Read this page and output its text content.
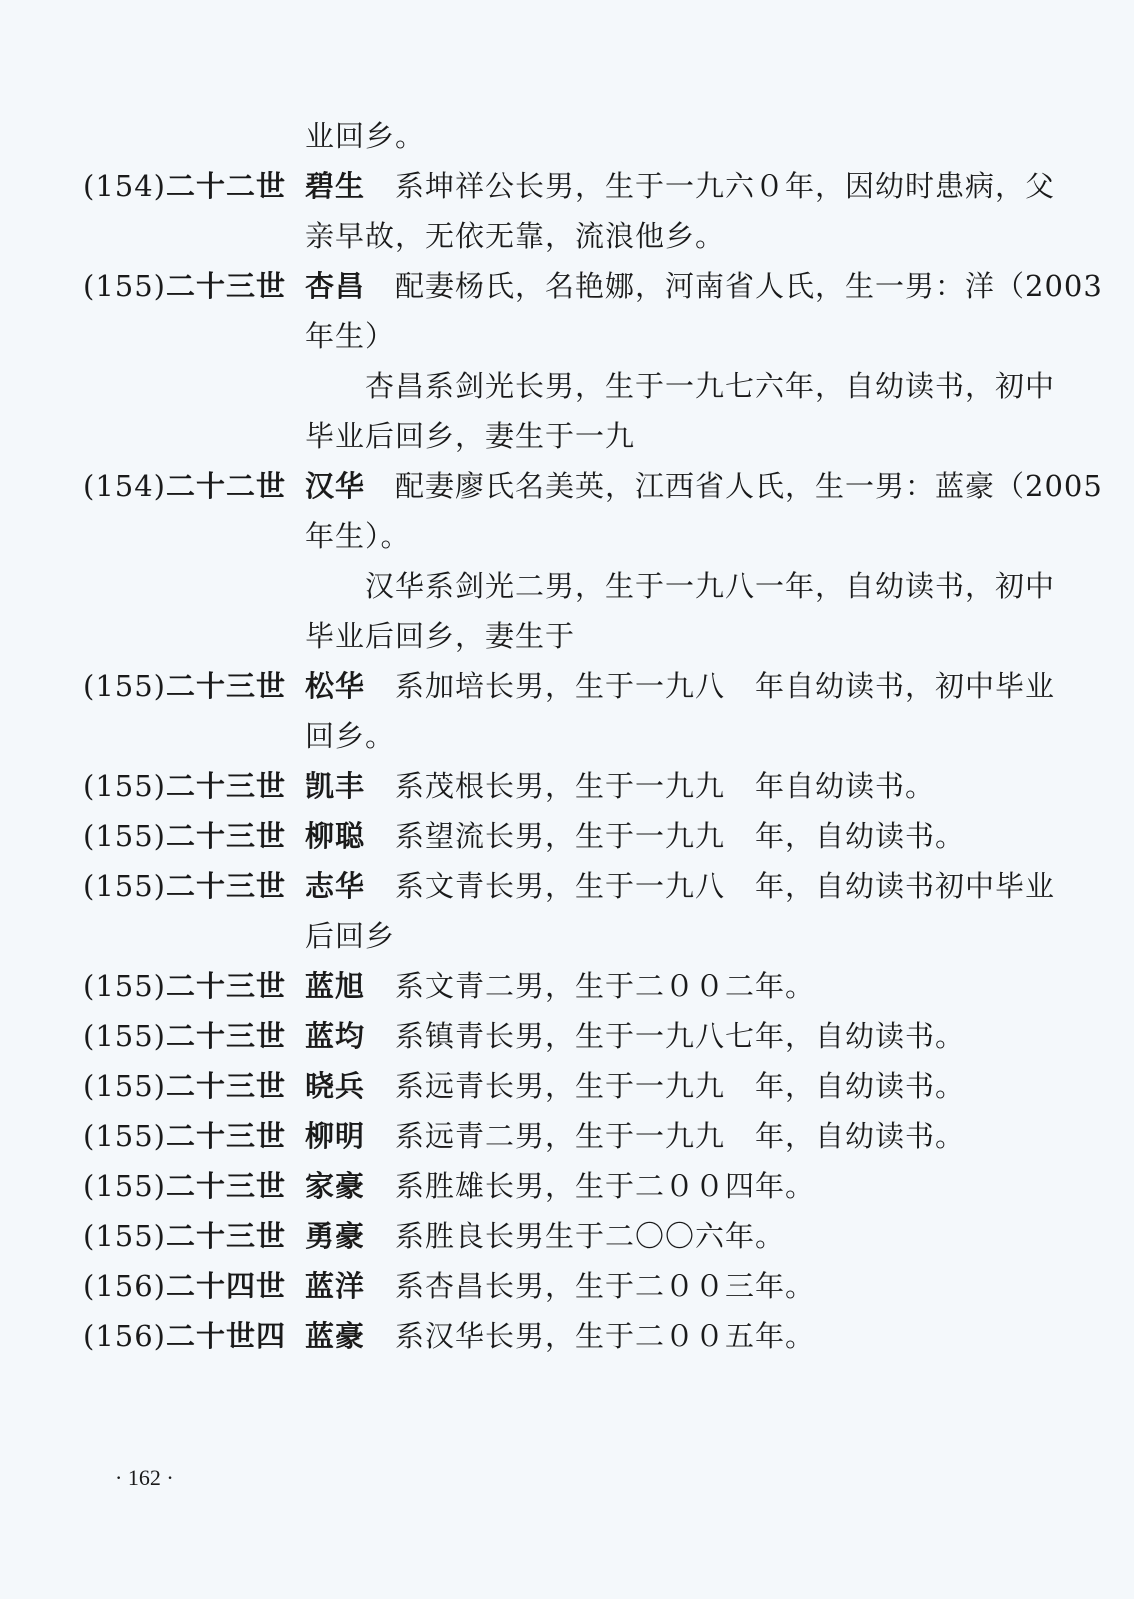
业回乡。
(154)二十二世 碧生 系坤祥公长男，生于一九六０年，因幼时患病，父
亲早故，无依无靠，流浪他乡。
(155)二十三世 杏昌 配妻杨氏，名艳娜，河南省人氏，生一男：洋（2003
年生）
杏昌系剑光长男，生于一九七六年，自幼读书，初中
毕业后回乡，妻生于一九
(154)二十二世 汉华 配妻廖氏名美英，江西省人氏，生一男：蓝豪（2005
年生）。
汉华系剑光二男，生于一九八一年，自幼读书，初中
毕业后回乡，妻生于
(155)二十三世 松华 系加培长男，生于一九八　年自幼读书，初中毕业
回乡。
(155)二十三世 凯丰 系茂根长男，生于一九九　年自幼读书。
(155)二十三世 柳聪 系望流长男，生于一九九　年，自幼读书。
(155)二十三世 志华 系文青长男，生于一九八　年，自幼读书初中毕业
后回乡
(155)二十三世 蓝旭 系文青二男，生于二００二年。
(155)二十三世 蓝均 系镇青长男，生于一九八七年，自幼读书。
(155)二十三世 晓兵 系远青长男，生于一九九　年，自幼读书。
(155)二十三世 柳明 系远青二男，生于一九九　年，自幼读书。
(155)二十三世 家豪 系胜雄长男，生于二００四年。
(155)二十三世 勇豪 系胜良长男生于二〇〇六年。
(156)二十四世 蓝洋 系杏昌长男，生于二００三年。
(156)二十世四 蓝豪 系汉华长男，生于二００五年。
· 162 ·
